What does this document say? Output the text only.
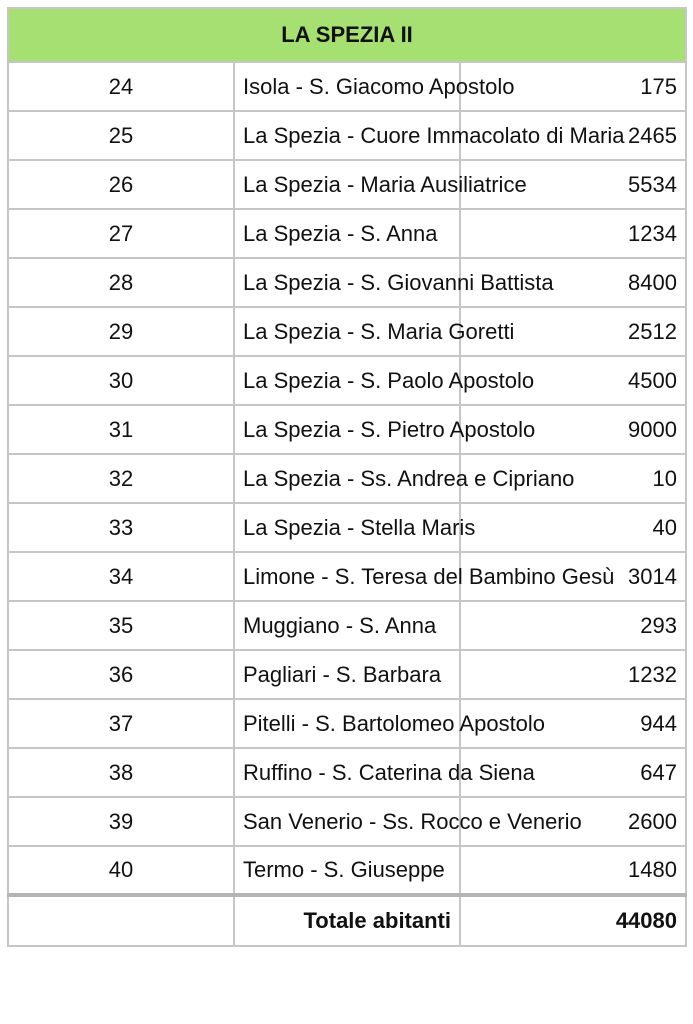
LA SPEZIA II		
24	Isola - S. Giacomo Apostolo	175
25	La Spezia - Cuore Immacolato di Maria	2465
26	La Spezia - Maria Ausiliatrice	5534
27	La Spezia - S. Anna	1234
28	La Spezia - S. Giovanni Battista	8400
29	La Spezia - S. Maria Goretti	2512
30	La Spezia - S. Paolo Apostolo	4500
31	La Spezia - S. Pietro Apostolo	9000
32	La Spezia - Ss. Andrea e Cipriano	10
33	La Spezia - Stella Maris	40
34	Limone - S. Teresa del Bambino Gesù	3014
35	Muggiano - S. Anna	293
36	Pagliari - S. Barbara	1232
37	Pitelli - S. Bartolomeo Apostolo	944
38	Ruffino - S. Caterina da Siena	647
39	San Venerio - Ss. Rocco e Venerio	2600
40	Termo - S. Giuseppe	1480
	Totale abitanti	44080
